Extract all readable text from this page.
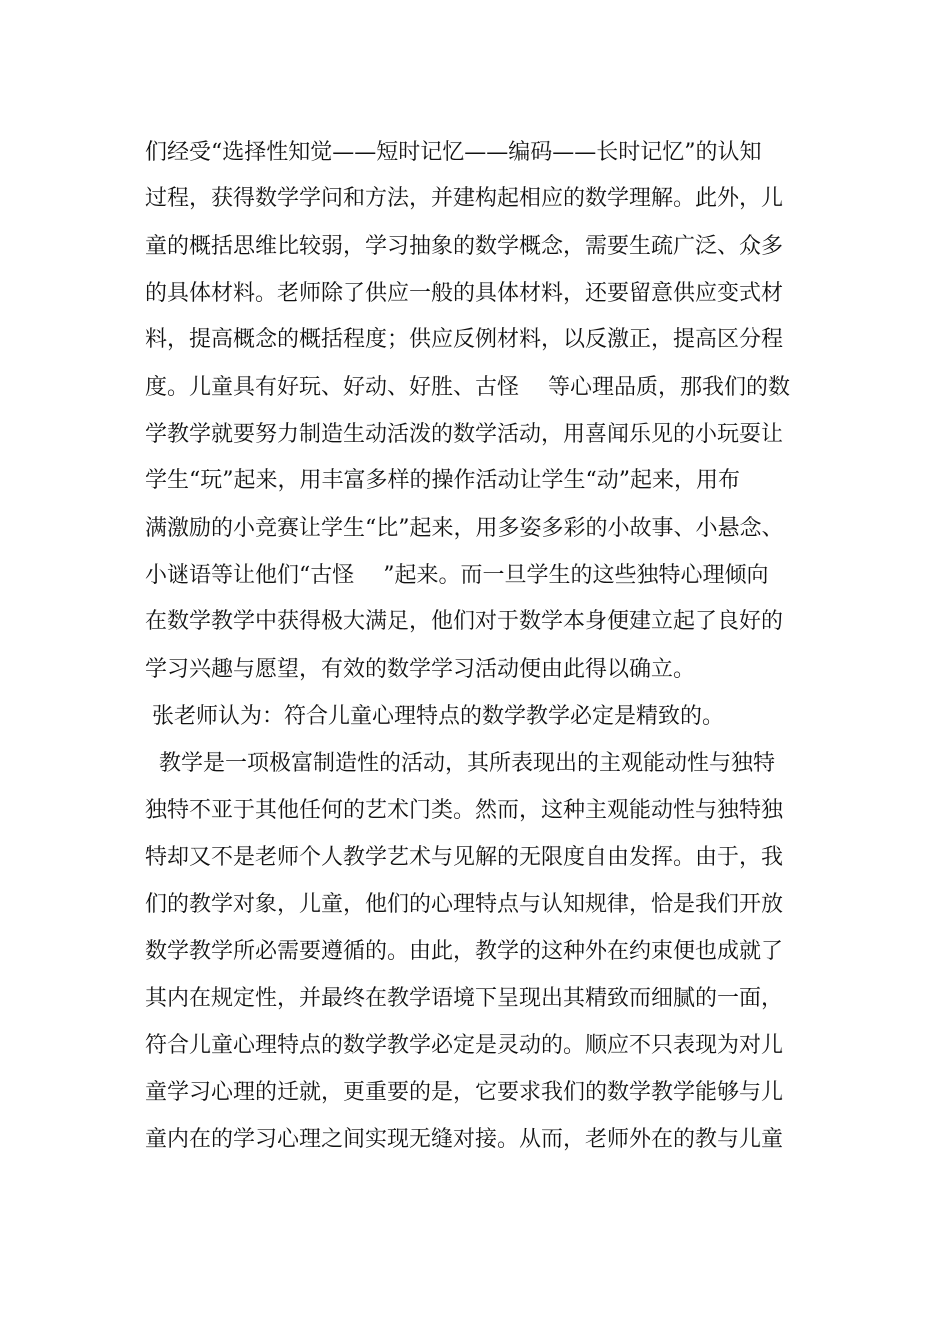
们经受“选择性知觉——短时记忆——编码——长时记忆”的认知
过程，获得数学学问和方法，并建构起相应的数学理解。此外，儿
童的概括思维比较弱，学习抽象的数学概念，需要生疏广泛、众多
的具体材料。老师除了供应一般的具体材料，还要留意供应变式材
料，提高概念的概括程度；供应反例材料，以反激正，提高区分程
度。儿童具有好玩、好动、好胜、古怪　 等心理品质，那我们的数
学教学就要努力制造生动活泼的数学活动，用喜闻乐见的小玩耍让
学生“玩”起来，用丰富多样的操作活动让学生“动”起来，用布
满激励的小竞赛让学生“比”起来，用多姿多彩的小故事、小悬念、
小谜语等让他们“古怪　 ”起来。而一旦学生的这些独特心理倾向
在数学教学中获得极大满足，他们对于数学本身便建立起了良好的
学习兴趣与愿望，有效的数学学习活动便由此得以确立。
张老师认为：符合儿童心理特点的数学教学必定是精致的。
教学是一项极富制造性的活动，其所表现出的主观能动性与独特
独特不亚于其他任何的艺术门类。然而，这种主观能动性与独特独
特却又不是老师个人教学艺术与见解的无限度自由发挥。由于，我
们的教学对象，儿童，他们的心理特点与认知规律，恰是我们开放
数学教学所必需要遵循的。由此，教学的这种外在约束便也成就了
其内在规定性，并最终在教学语境下呈现出其精致而细腻的一面，
符合儿童心理特点的数学教学必定是灵动的。顺应不只表现为对儿
童学习心理的迁就，更重要的是，它要求我们的数学教学能够与儿
童内在的学习心理之间实现无缝对接。从而，老师外在的教与儿童
